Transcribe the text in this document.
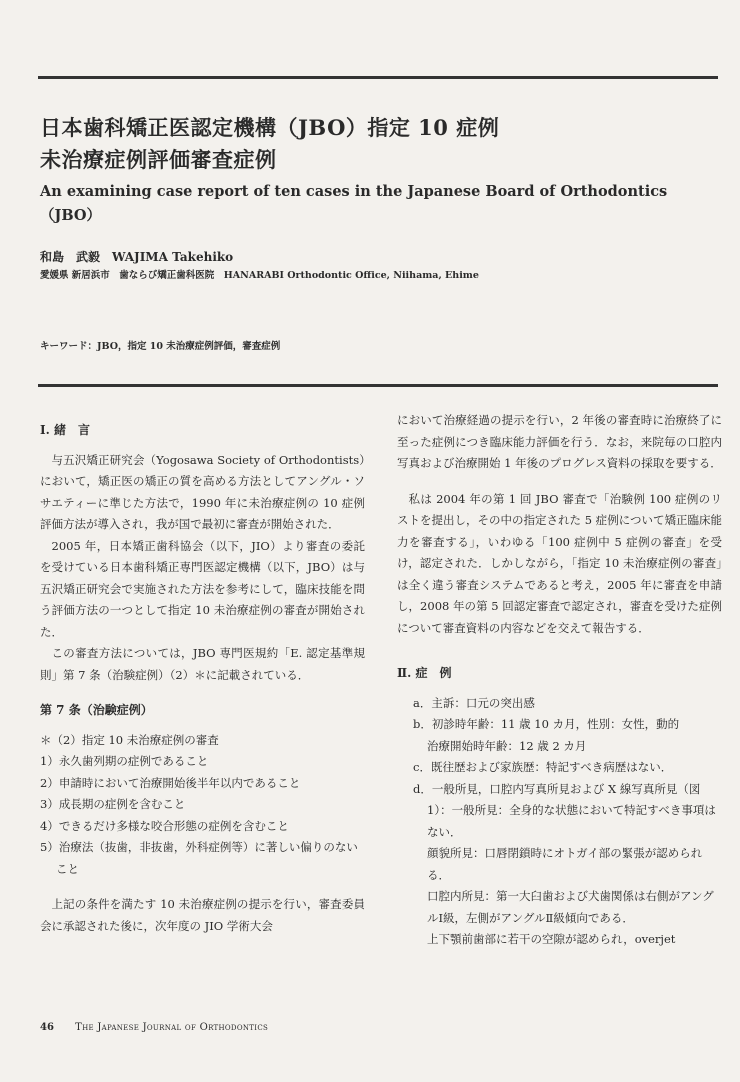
日本歯科矯正医認定機構（JBO）指定 10 症例
未治療症例評価審査症例
An examining case report of ten cases in the Japanese Board of Orthodontics（JBO）
和島　武毅　WAJIMA Takehiko
愛媛県 新居浜市　歯ならび矯正歯科医院　HANARABI Orthodontic Office, Niihama, Ehime
キーワード：JBO，指定 10 未治療症例評価，審査症例
Ⅰ. 緒　言

与五沢矯正研究会（Yogosawa Society of Orthodontists）において，矯正医の矯正の質を高める方法としてアングル・ソサエティーに準じた方法で，1990 年に未治療症例の 10 症例評価方法が導入され，我が国で最初に審査が開始された．

2005 年，日本矯正歯科協会（以下，JIO）より審査の委託を受けている日本歯科矯正専門医認定機構（以下，JBO）は与五沢矯正研究会で実施された方法を参考にして，臨床技能を問う評価方法の一つとして指定 10 未治療症例の審査が開始された．

この審査方法については，JBO 専門医規約「E. 認定基準規則」第 7 条（治験症例）（2）＊に記載されている．

第 7 条（治験症例）
＊（2）指定 10 未治療症例の審査
1）永久歯列期の症例であること
2）申請時において治療開始後半年以内であること
3）成長期の症例を含むこと
4）できるだけ多様な咬合形態の症例を含むこと
5）治療法（抜歯，非抜歯，外科症例等）に著しい偏りのないこと

上記の条件を満たす 10 未治療症例の提示を行い，審査委員会に承認された後に，次年度の JIO 学術大会

において治療経過の提示を行い，2 年後の審査時に治療終了に至った症例につき臨床能力評価を行う．なお，来院毎の口腔内写真および治療開始 1 年後のプログレス資料の採取を要する．

私は 2004 年の第 1 回 JBO 審査で「治験例 100 症例のリストを提出し，その中の指定された 5 症例について矯正臨床能力を審査する」，いわゆる「100 症例中 5 症例の審査」を受け，認定された．しかしながら，「指定 10 未治療症例の審査」は全く違う審査システムであると考え，2005 年に審査を申請し，2008 年の第 5 回認定審査で認定され，審査を受けた症例について審査資料の内容などを交えて報告する．

Ⅱ. 症　例
a．主訴：口元の突出感
b．初診時年齢：11 歳 10 カ月，性別：女性，動的
治療開始時年齢：12 歳 2 カ月
c．既往歴および家族歴：特記すべき病歴はない．
d．一般所見，口腔内写真所見および X 線写真所見（図 1）：一般所見：全身的な状態において特記すべき事項はない．
顔貌所見：口唇閉鎖時にオトガイ部の緊張が認められる．
口腔内所見：第一大臼歯および犬歯関係は右側がアングルⅠ級，左側がアングルⅡ級傾向である．
上下顎前歯部に若干の空隙が認められ，overjet
46 The Japanese Journal of Orthodontics
